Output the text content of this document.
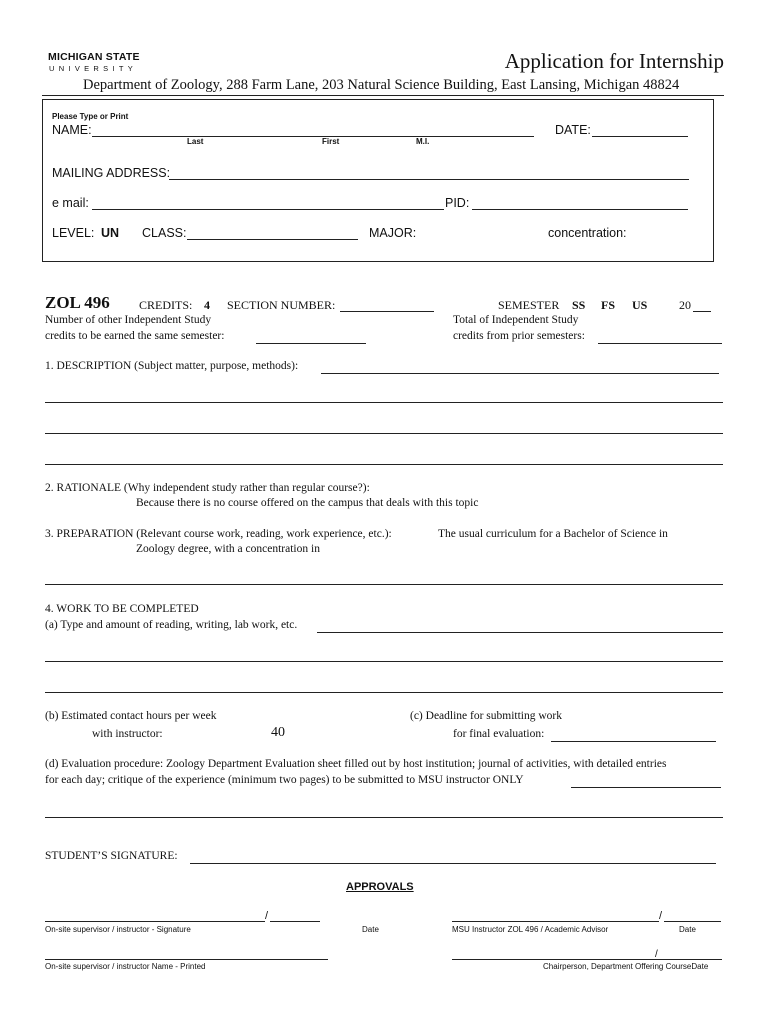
MICHIGAN STATE
UNIVERSITY	Application for Internship
Department of Zoology, 288 Farm Lane, 203 Natural Science Building, East Lansing, Michigan 48824
Please Type or Print
NAME:	DATE:
Last	First	M.I.
MAILING ADDRESS:
e mail:	PID:
LEVEL: UN CLASS:	MAJOR:	concentration:
ZOL 496 CREDITS: 4 SECTION NUMBER:	SEMESTER SS FS US	20
Number of other Independent Study
credits to be earned the same semester:
Total of Independent Study
credits from prior semesters:
1. DESCRIPTION (Subject matter, purpose, methods):
2. RATIONALE (Why independent study rather than regular course?):
Because there is no course offered on the campus that deals with this topic
3. PREPARATION (Relevant course work, reading, work experience, etc.):	The usual curriculum for a Bachelor of Science in
Zoology degree, with a concentration in
4. WORK TO BE COMPLETED
(a) Type and amount of reading, writing, lab work, etc.
(b) Estimated contact hours per week
with instructor:	40
(c) Deadline for submitting work
for final evaluation:
(d) Evaluation procedure: Zoology Department Evaluation sheet filled out by host institution; journal of activities, with detailed entries
for each day; critique of the experience (minimum two pages) to be submitted to MSU instructor ONLY
STUDENT’S SIGNATURE:
APPROVALS
/
On-site supervisor / instructor - Signature	Date
/
MSU Instructor ZOL 496 / Academic Advisor	Date
On-site supervisor / instructor Name - Printed
/
Chairperson, Department Offering CourseDate
